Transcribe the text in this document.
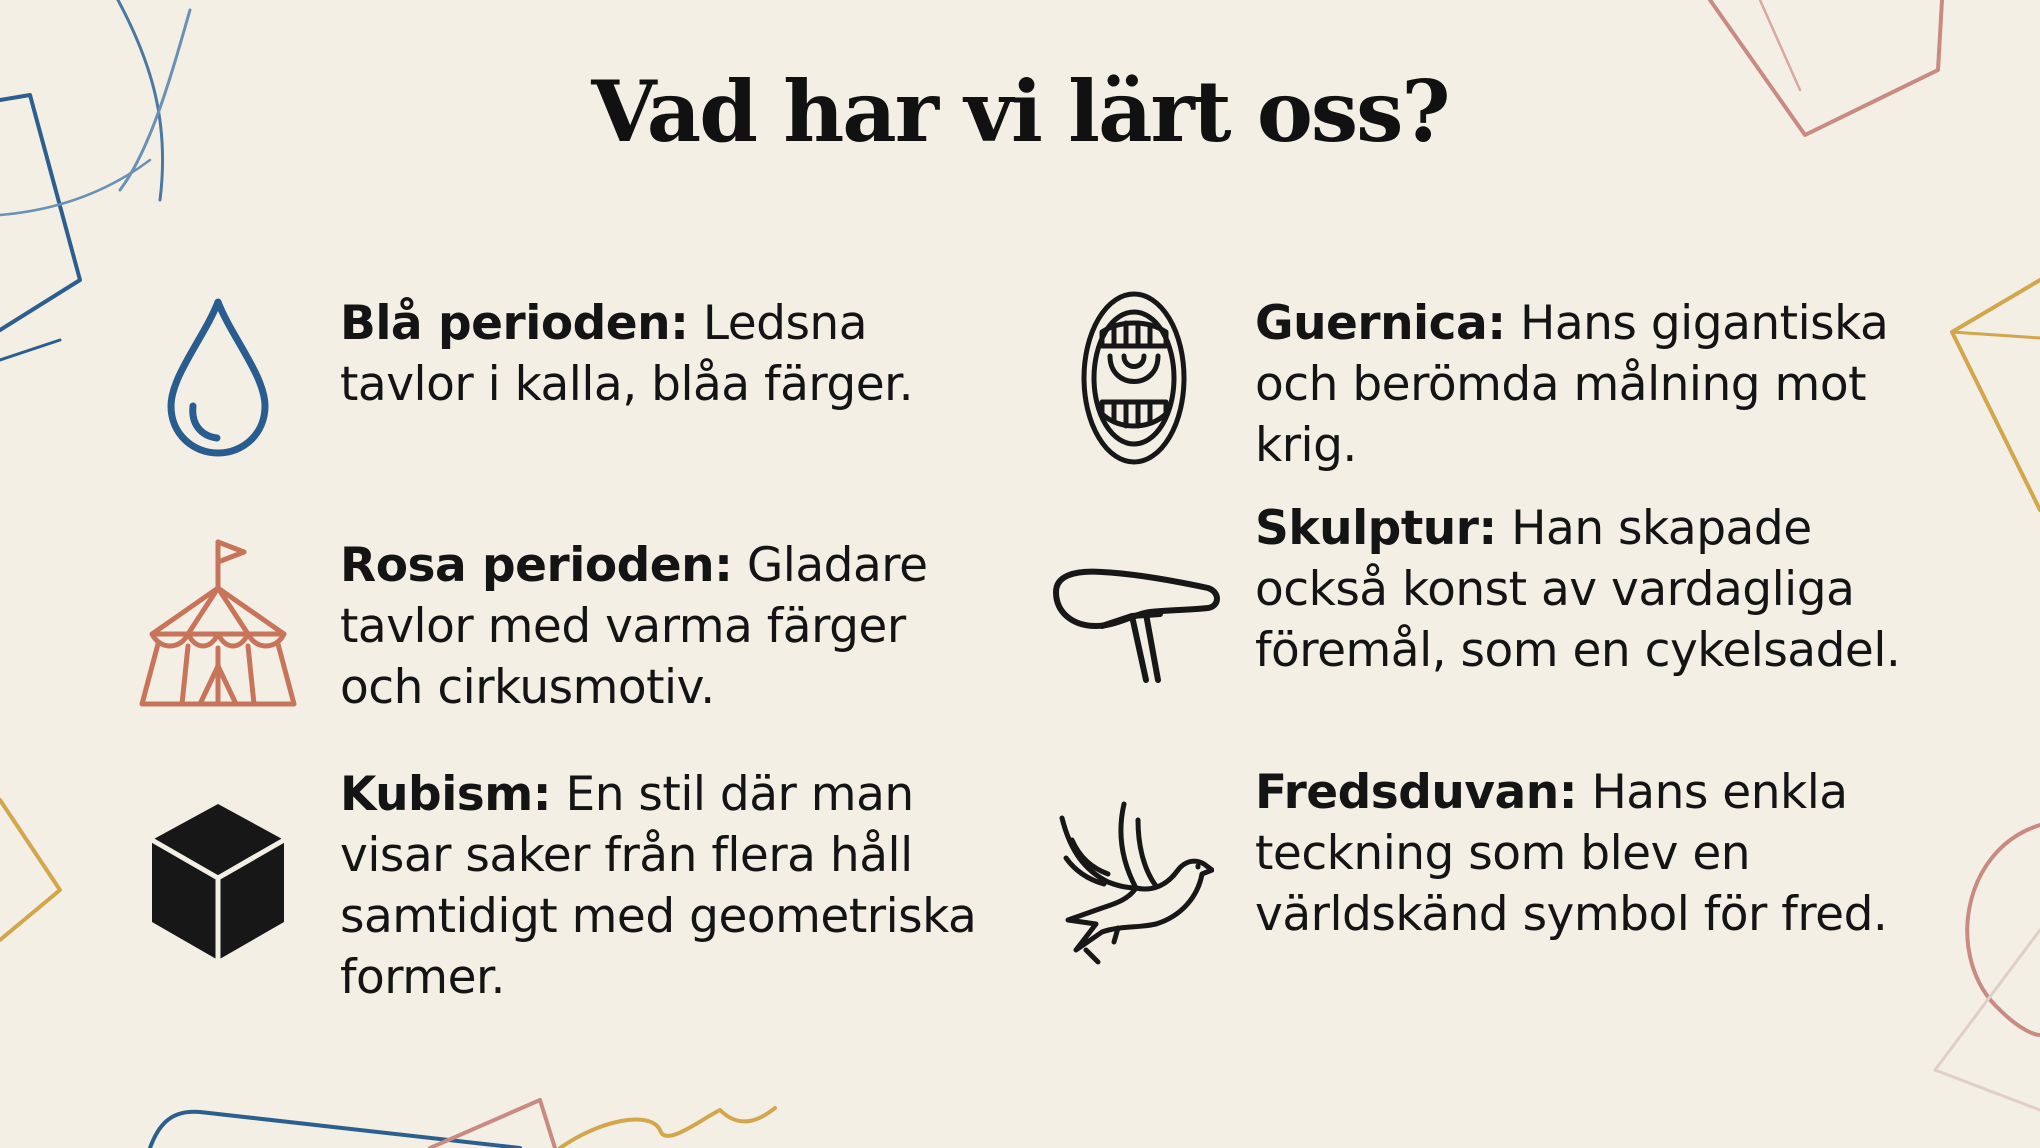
Vad har vi lärt oss?
Blå perioden: Ledsna tavlor i kalla, blåa färger.
Rosa perioden: Gladare tavlor med varma färger och cirkusmotiv.
Kubism: En stil där man visar saker från flera håll samtidigt med geometriska former.
Guernica: Hans gigantiska och berömda målning mot krig.
Skulptur: Han skapade också konst av vardagliga föremål, som en cykelsadel.
Fredsduvan: Hans enkla teckning som blev en världskänd symbol för fred.
